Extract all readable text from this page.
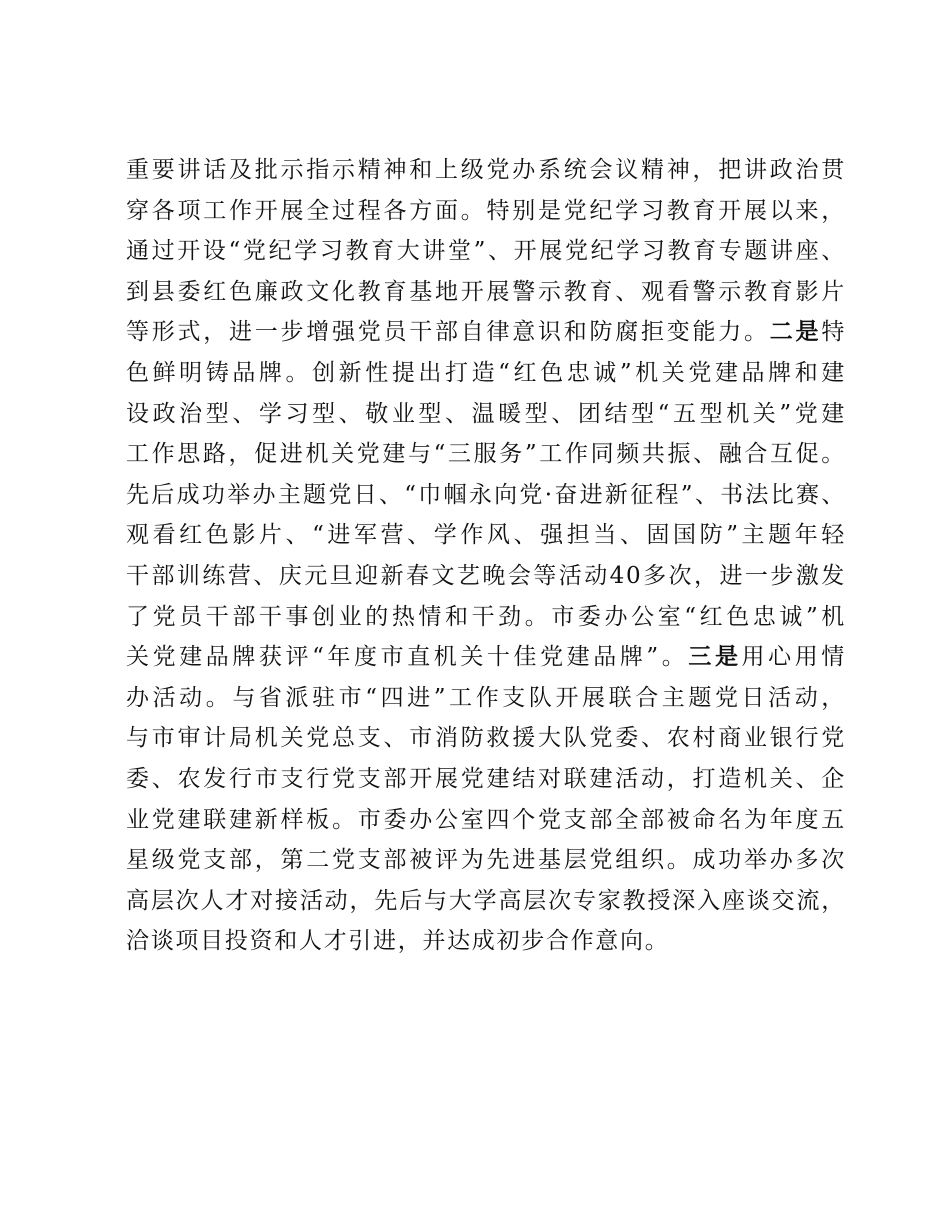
重要讲话及批示指示精神和上级党办系统会议精神，把讲政治贯
穿各项工作开展全过程各方面。特别是党纪学习教育开展以来，
通过开设“党纪学习教育大讲堂”、开展党纪学习教育专题讲座、
到县委红色廉政文化教育基地开展警示教育、观看警示教育影片
等形式，进一步增强党员干部自律意识和防腐拒变能力。二是特
色鲜明铸品牌。创新性提出打造“红色忠诚”机关党建品牌和建
设政治型、学习型、敬业型、温暖型、团结型“五型机关”党建
工作思路，促进机关党建与“三服务”工作同频共振、融合互促。
先后成功举办主题党日、“巾帼永向党·奋进新征程”、书法比赛、
观看红色影片、“进军营、学作风、强担当、固国防”主题年轻
干部训练营、庆元旦迎新春文艺晚会等活动40多次，进一步激发
了党员干部干事创业的热情和干劲。市委办公室“红色忠诚”机
关党建品牌获评“年度市直机关十佳党建品牌”。三是用心用情
办活动。与省派驻市“四进”工作支队开展联合主题党日活动，
与市审计局机关党总支、市消防救援大队党委、农村商业银行党
委、农发行市支行党支部开展党建结对联建活动，打造机关、企
业党建联建新样板。市委办公室四个党支部全部被命名为年度五
星级党支部，第二党支部被评为先进基层党组织。成功举办多次
高层次人才对接活动，先后与大学高层次专家教授深入座谈交流，
洽谈项目投资和人才引进，并达成初步合作意向。
